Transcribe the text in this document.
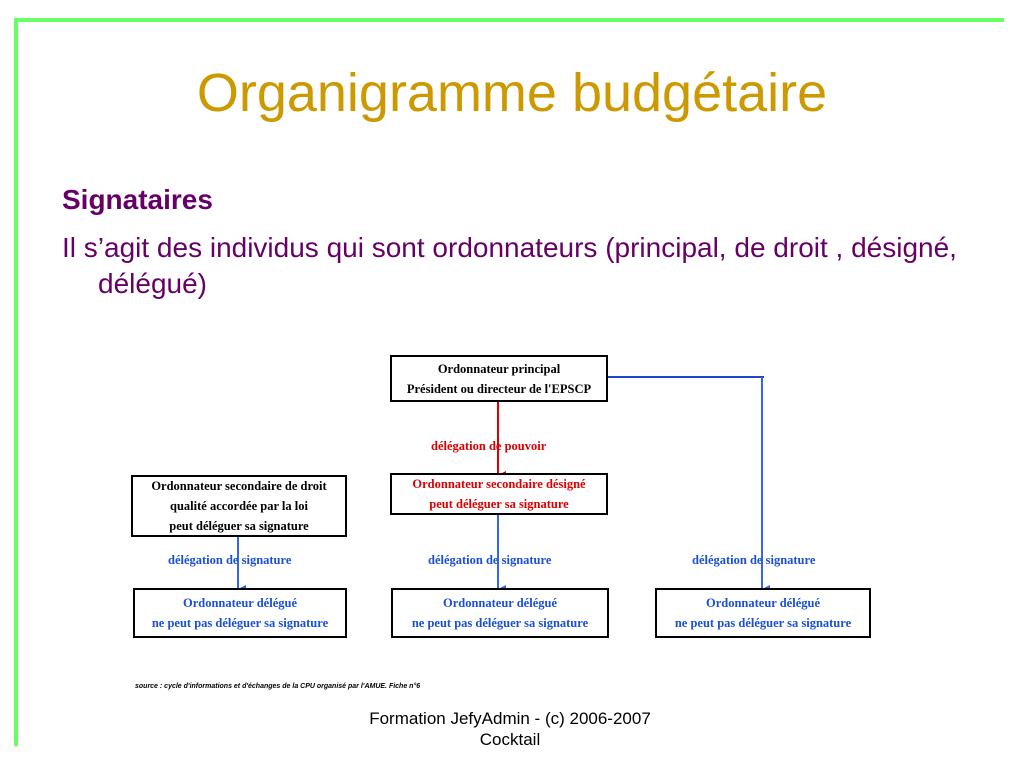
Organigramme budgétaire
Signataires
Il s’agit des individus qui sont ordonnateurs (principal, de droit , désigné, délégué)
Ordonnateur principal
Président ou directeur de l'EPSCP
délégation de pouvoir
Ordonnateur secondaire de droit
qualité accordée par la loi
peut déléguer sa signature
Ordonnateur secondaire désigné
peut déléguer sa signature
délégation de signature	délégation de signature	délégation de signature
Ordonnateur délégué
ne peut pas déléguer sa signature
Ordonnateur délégué
ne peut pas déléguer sa signature
Ordonnateur délégué
ne peut pas déléguer sa signature
source : cycle d'informations et d'échanges de la CPU organisé par l'AMUE. Fiche n°6
Formation JefyAdmin - (c) 2006-2007
Cocktail
